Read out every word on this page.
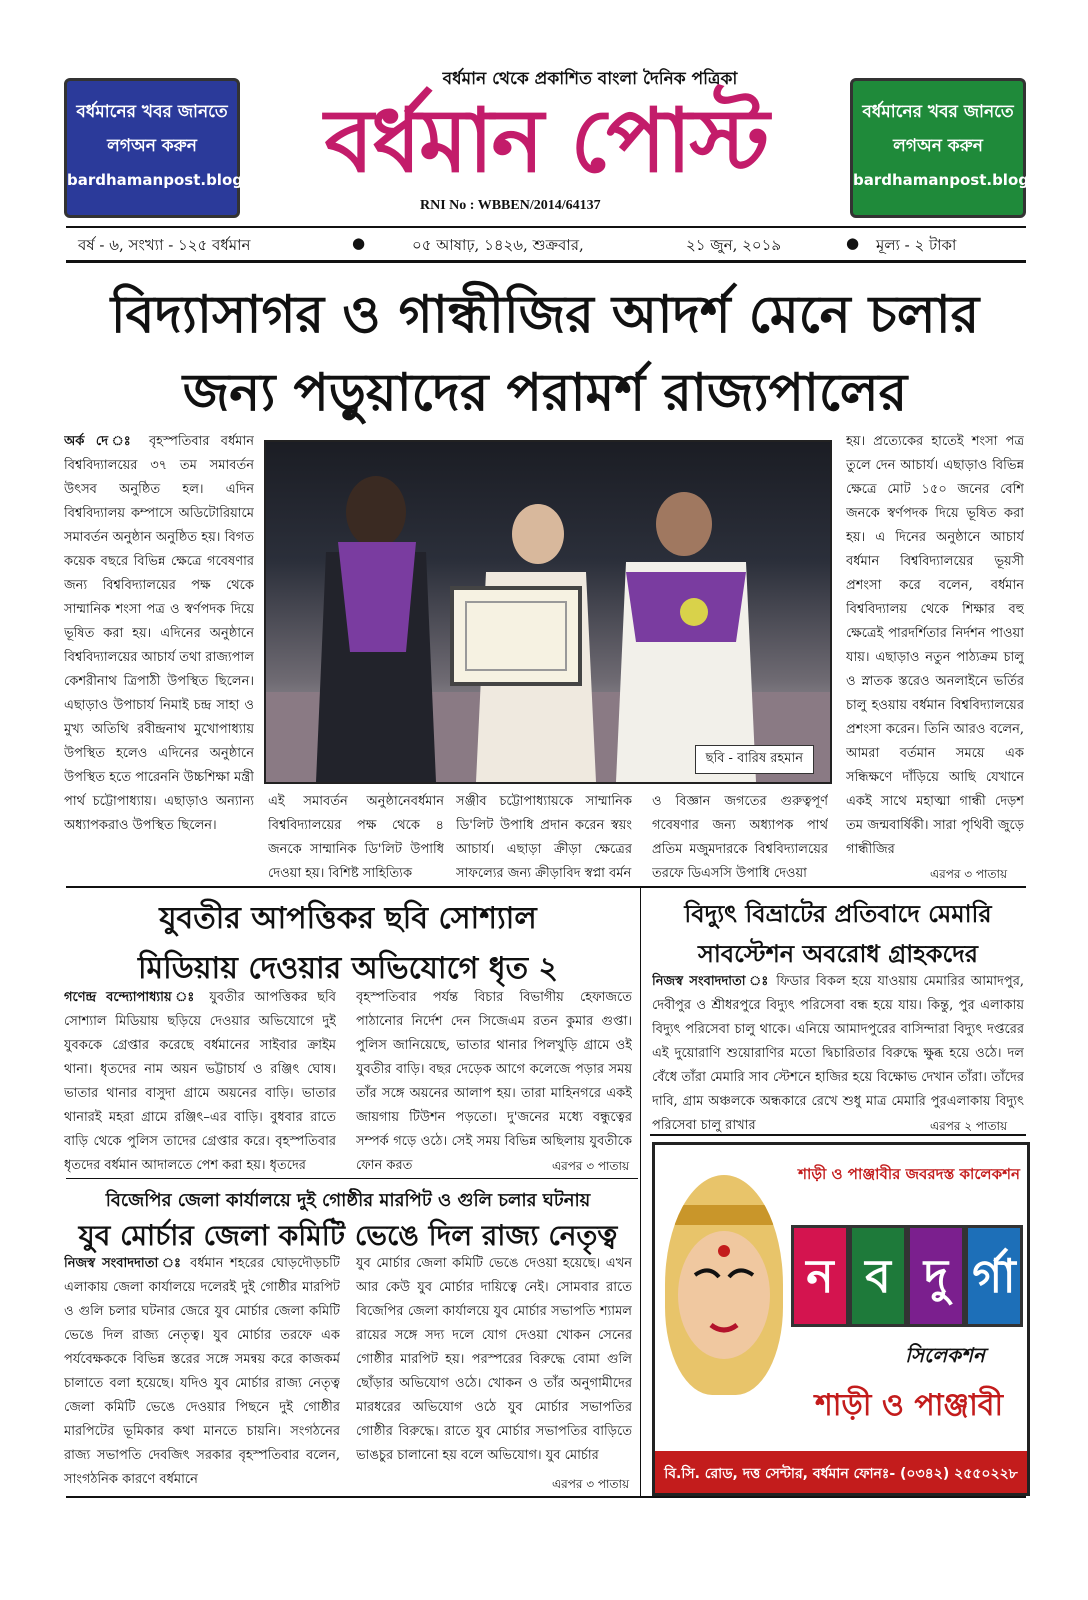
বর্ধমানের খবর জানতে
লগঅন করুন
bardhamanpost.blogspot.in
বর্ধমানের খবর জানতে
লগঅন করুন
bardhamanpost.blogspot.in
বর্ধমান থেকে প্রকাশিত বাংলা দৈনিক পত্রিকা
বর্ধমান পোস্ট
RNI No : WBBEN/2014/64137
বর্ষ - ৬, সংখ্যা - ১২৫ বর্ধমান	●	০৫ আষাঢ়, ১৪২৬, শুক্রবার,	২১ জুন, ২০১৯	● মূল্য - ২ টাকা
বিদ্যাসাগর ও গান্ধীজির আদর্শ মেনে চলার
জন্য পড়ুয়াদের পরামর্শ রাজ্যপালের
অর্ক দে ঃ বৃহস্পতিবার বর্ধমান বিশ্ববিদ্যালয়ের ৩৭ তম সমাবর্তন উৎসব অনুষ্ঠিত হল। এদিন বিশ্ববিদ্যালয় কম্পাসে অডিটোরিয়ামে সমাবর্তন অনুষ্ঠান অনুষ্ঠিত হয়। বিগত কয়েক বছরে বিভিন্ন ক্ষেত্রে গবেষণার জন্য বিশ্ববিদ্যালয়ের পক্ষ থেকে সাম্মানিক শংসা পত্র ও স্বর্ণপদক দিয়ে ভূষিত করা হয়। এদিনের অনুষ্ঠানে বিশ্ববিদ্যালয়ের আচার্য তথা রাজ্যপাল কেশরীনাথ ত্রিপাঠী উপস্থিত ছিলেন। এছাড়াও উপাচার্য নিমাই চন্দ্র সাহা ও মুখ্য অতিথি রবীন্দ্রনাথ মুখোপাধ্যায় উপস্থিত হলেও এদিনের অনুষ্ঠানে উপস্থিত হতে পারেননি উচ্চশিক্ষা মন্ত্রী পার্থ চট্টোপাধ্যায়। এছাড়াও অন্যান্য অধ্যাপকরাও উপস্থিত ছিলেন।
ছবি - বারিষ রহমান
এই সমাবর্তন অনুষ্ঠানেবর্ধমান বিশ্ববিদ্যালয়ের পক্ষ থেকে ৪ জনকে সাম্মানিক ডি'লিট উপাধি দেওয়া হয়। বিশিষ্ট সাহিত্যিক
সঞ্জীব চট্টোপাধ্যায়কে সাম্মানিক ডি'লিট উপাধি প্রদান করেন স্বয়ং আচার্য। এছাড়া ক্রীড়া ক্ষেত্রের সাফল্যের জন্য ক্রীড়াবিদ স্বপ্না বর্মন
ও বিজ্ঞান জগতের গুরুত্বপূর্ণ গবেষণার জন্য অধ্যাপক পার্থ প্রতিম মজুমদারকে বিশ্ববিদ্যালয়ের তরফে ডিএসসি উপাধি দেওয়া
হয়। প্রত্যেকের হাতেই শংসা পত্র তুলে দেন আচার্য। এছাড়াও বিভিন্ন ক্ষেত্রে মোট ১৫০ জনের বেশি জনকে স্বর্ণপদক দিয়ে ভূষিত করা হয়। এ দিনের অনুষ্ঠানে আচার্য বর্ধমান বিশ্ববিদ্যালয়ের ভূয়সী প্রশংসা করে বলেন, বর্ধমান বিশ্ববিদ্যালয় থেকে শিক্ষার বহু ক্ষেত্রেই পারদর্শিতার নির্দশন পাওয়া যায়। এছাড়াও নতুন পাঠ্যক্রম চালু ও স্নাতক স্তরেও অনলাইনে ভর্তির চালু হওয়ায় বর্ধমান বিশ্ববিদ্যালয়ের প্রশংসা করেন। তিনি আরও বলেন, আমরা বর্তমান সময়ে এক সন্ধিক্ষণে দাঁড়িয়ে আছি যেখানে একই সাথে মহাত্মা গান্ধী দেড়শ তম জন্মবার্ষিকী। সারা পৃথিবী জুড়ে গান্ধীজির
এরপর ৩ পাতায়
যুবতীর আপত্তিকর ছবি সোশ্যাল
মিডিয়ায় দেওয়ার অভিযোগে ধৃত ২
গণেন্দ্র বন্দ্যোপাধ্যায় ঃ যুবতীর আপত্তিকর ছবি সোশ্যাল মিডিয়ায় ছড়িয়ে দেওয়ার অভিযোগে দুই যুবককে গ্রেপ্তার করেছে বর্ধমানের সাইবার ক্রাইম থানা। ধৃতদের নাম অয়ন ভট্টাচার্য ও রঞ্জিৎ ঘোষ। ভাতার থানার বাসুদা গ্রামে অয়নের বাড়ি। ভাতার থানারই মহরা গ্রামে রঞ্জিৎ–এর বাড়ি। বুধবার রাতে বাড়ি থেকে পুলিস তাদের গ্রেপ্তার করে। বৃহস্পতিবার ধৃতদের বর্ধমান আদালতে পেশ করা হয়। ধৃতদের
বৃহস্পতিবার পর্যন্ত বিচার বিভাগীয় হেফাজতে পাঠানোর নির্দেশ দেন সিজেএম রতন কুমার গুপ্তা। পুলিস জানিয়েছে, ভাতার থানার পিলখুড়ি গ্রামে ওই যুবতীর বাড়ি। বছর দেড়েক আগে কলেজে পড়ার সময় তাঁর সঙ্গে অয়নের আলাপ হয়। তারা মাহিনগরে একই জায়গায় টিউশন পড়তো। দু'জনের মধ্যে বন্ধুত্বের সম্পর্ক গড়ে ওঠে। সেই সময় বিভিন্ন অছিলায় যুবতীকে ফোন করত	এরপর ৩ পাতায়
বিদ্যুৎ বিভ্রাটের প্রতিবাদে মেমারি
সাবস্টেশন অবরোধ গ্রাহকদের
নিজস্ব সংবাদদাতা ঃ ফিডার বিকল হয়ে যাওয়ায় মেমারির আমাদপুর, দেবীপুর ও শ্রীধরপুরে বিদ্যুৎ পরিসেবা বন্ধ হয়ে যায়। কিন্তু, পুর এলাকায় বিদ্যুৎ পরিসেবা চালু থাকে। এনিয়ে আমাদপুরের বাসিন্দারা বিদ্যুৎ দপ্তরের এই দুয়োরাণি শুয়োরাণির মতো দ্বিচারিতার বিরুদ্ধে ক্ষুব্ধ হয়ে ওঠে। দল বেঁধে তাঁরা মেমারি সাব স্টেশনে হাজির হয়ে বিক্ষোভ দেখান তাঁরা। তাঁদের দাবি, গ্রাম অঞ্চলকে অন্ধকারে রেখে শুধু মাত্র মেমারি পুরএলাকায় বিদ্যুৎ পরিসেবা চালু রাখার	এরপর ২ পাতায়
বিজেপির জেলা কার্যালয়ে দুই গোষ্ঠীর মারপিট ও গুলি চলার ঘটনায়
যুব মোর্চার জেলা কমিটি ভেঙে দিল রাজ্য নেতৃত্ব
নিজস্ব সংবাদদাতা ঃ বর্ধমান শহরের ঘোড়দৌড়চটি এলাকায় জেলা কার্যালয়ে দলেরই দুই গোষ্ঠীর মারপিট ও গুলি চলার ঘটনার জেরে যুব মোর্চার জেলা কমিটি ভেঙে দিল রাজ্য নেতৃত্ব। যুব মোর্চার তরফে এক পর্যবেক্ষককে বিভিন্ন স্তরের সঙ্গে সমন্বয় করে কাজকর্ম চালাতে বলা হয়েছে। যদিও যুব মোর্চার রাজ্য নেতৃত্ব জেলা কমিটি ভেঙে দেওয়ার পিছনে দুই গোষ্ঠীর মারপিটের ভূমিকার কথা মানতে চায়নি। সংগঠনের রাজ্য সভাপতি দেবজিৎ সরকার বৃহস্পতিবার বলেন, সাংগঠনিক কারণে বর্ধমানে
যুব মোর্চার জেলা কমিটি ভেঙে দেওয়া হয়েছে। এখন আর কেউ যুব মোর্চার দায়িত্বে নেই। সোমবার রাতে বিজেপির জেলা কার্যালয়ে যুব মোর্চার সভাপতি শ্যামল রায়ের সঙ্গে সদ্য দলে যোগ দেওয়া খোকন সেনের গোষ্ঠীর মারপিট হয়। পরস্পরের বিরুদ্ধে বোমা গুলি ছোঁড়ার অভিযোগ ওঠে। খোকন ও তাঁর অনুগামীদের মারধরের অভিযোগ ওঠে যুব মোর্চার সভাপতির গোষ্ঠীর বিরুদ্ধে। রাতে যুব মোর্চার সভাপতির বাড়িতে ভাঙচুর চালানো হয় বলে অভিযোগ। যুব মোর্চার
এরপর ৩ পাতায়
শাড়ী ও পাঞ্জাবীর জবরদস্ত কালেকশন
ন ব দু র্গা
সিলেকশন
শাড়ী ও পাঞ্জাবী
বি.সি. রোড, দত্ত সেন্টার, বর্ধমান ফোনঃ- (০৩৪২) ২৫৫০২২৮
